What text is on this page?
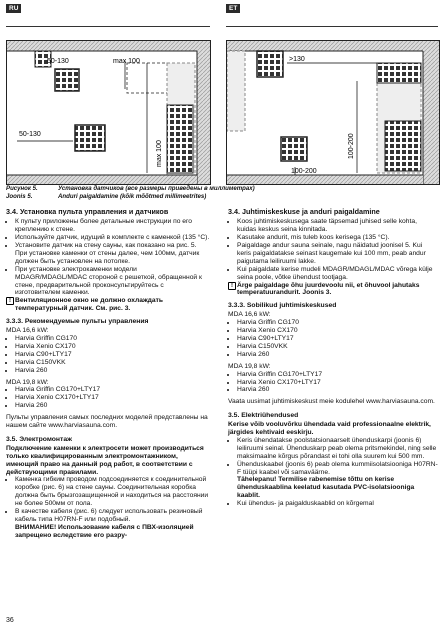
RU	ET
50-130	max 100
50-130
max 100
>130
100-200
100-200
Рисунок 5.	Установка датчиков (все размеры приведены в миллиметрах)
Joonis 5.	Anduri paigaldamine (kõik mõõtmed millimeetrites)
3.4. Установка пульта управления и датчиков
• К пульту приложены более детальные инструкции по его креплению к стене.
• Используйте датчик, идущий в комплекте с каменкой (135 °С).
• Установите датчик на стену сауны, как показано на рис. 5. При установке каменки от стены далее, чем 100мм, датчик должен быть установлен на потолке.
• При установке электрокаменки модели MDAGR/MDAGL/MDAC стороной с решеткой, обращенной к стене, предварительной проконсультируйтесь с изготовителем каменки.
! Вентиляционное окно не должно охлаждать температурный датчик. См. рис. 3.
3.3.3. Рекомендуемые пульты управления

MDA 16,6 kW:

• Harvia Griffin CG170
• Harvia Xenio CX170
• Harvia C90+LTY17
• Harvia C150VKK
• Harvia 260

MDA 19,8 kW:

• Harvia Griffin CG170+LTY17
• Harvia Xenio CX170+LTY17
• Harvia 260

Пульты управления самых последних моделей представлены на нашем сайте www.harviasauna.com.

3.5. Электромонтаж

Подключение каменки к электросети может производиться только квалифицированным электромонтажником, имеющий право на данный род работ, в соответствии с действующими правилами.

• Каменка гибким проводом подсоединяется к соединительной коробке (рис. 6) на стене сауны. Соединительная коробка должна быть брызгозащищенной и находиться на расстоянии не более 500мм от пола.
• В качестве кабеля (рис. 6) следует использовать резиновый кабель типа H07RN-F или подобный.

ВНИМАНИЕ! Использование кабеля с ПВХ-изоляцией запрещено вследствие его разру-

3.4. Juhtimiskeskuse ja anduri paigaldamine
• Koos juhtimiskeskusega saate täpsemad juhised selle kohta, kuidas keskus seina kinnitada.
• Kasutake andurit, mis tuleb koos kerisega (135 °C).
• Paigaldage andur sauna seinale, nagu näidatud joonisel 5. Kui keris paigaldatakse seinast kaugemale kui 100 mm, peab andur paigutama leiliruumi lakke.
• Kui paigaldate kerise mudeli MDAGR/MDAGL/MDAC võrega külje seina poole, võtke ühendust tootjaga.
! Ärge paigaldage õhu juurdevoolu nii, et õhuvool jahutaks temperatuurandurit. Joonis 3.
3.3.3. Sobilikud juhtimiskeskused

MDA 16,6 kW:

• Harvia Griffin CG170
• Harvia Xenio CX170
• Harvia C90+LTY17
• Harvia C150VKK
• Harvia 260

MDA 19,8 kW:

• Harvia Griffin CG170+LTY17
• Harvia Xenio CX170+LTY17
• Harvia 260

Vaata uusimat juhtimiskeskust meie kodulehel www.harviasauna.com.

3.5. Elektriühendused

Kerise võib vooluvõrku ühendada vaid professionaalne elektrik, järgides kehtivaid eeskirju.

• Keris ühendatakse poolstatsionaarselt ühenduskarpi (joonis 6) leiliruumi seinal. Ühenduskarp peab olema pritsmekindel, ning selle maksimaalne kõrgus põrandast ei tohi olla suurem kui 500 mm.
• Ühenduskaabel (joonis 6) peab olema kummiisolatsiooniga H07RN-F tüüpi kaabel või samaväärne.

Tähelepanu! Termilise rabenemise tõttu on kerise ühenduskaablina keelatud kasutada PVC-isolatsiooniga kaablit.

• Kui ühendus- ja paigalduskaablid on kõrgemal
36
